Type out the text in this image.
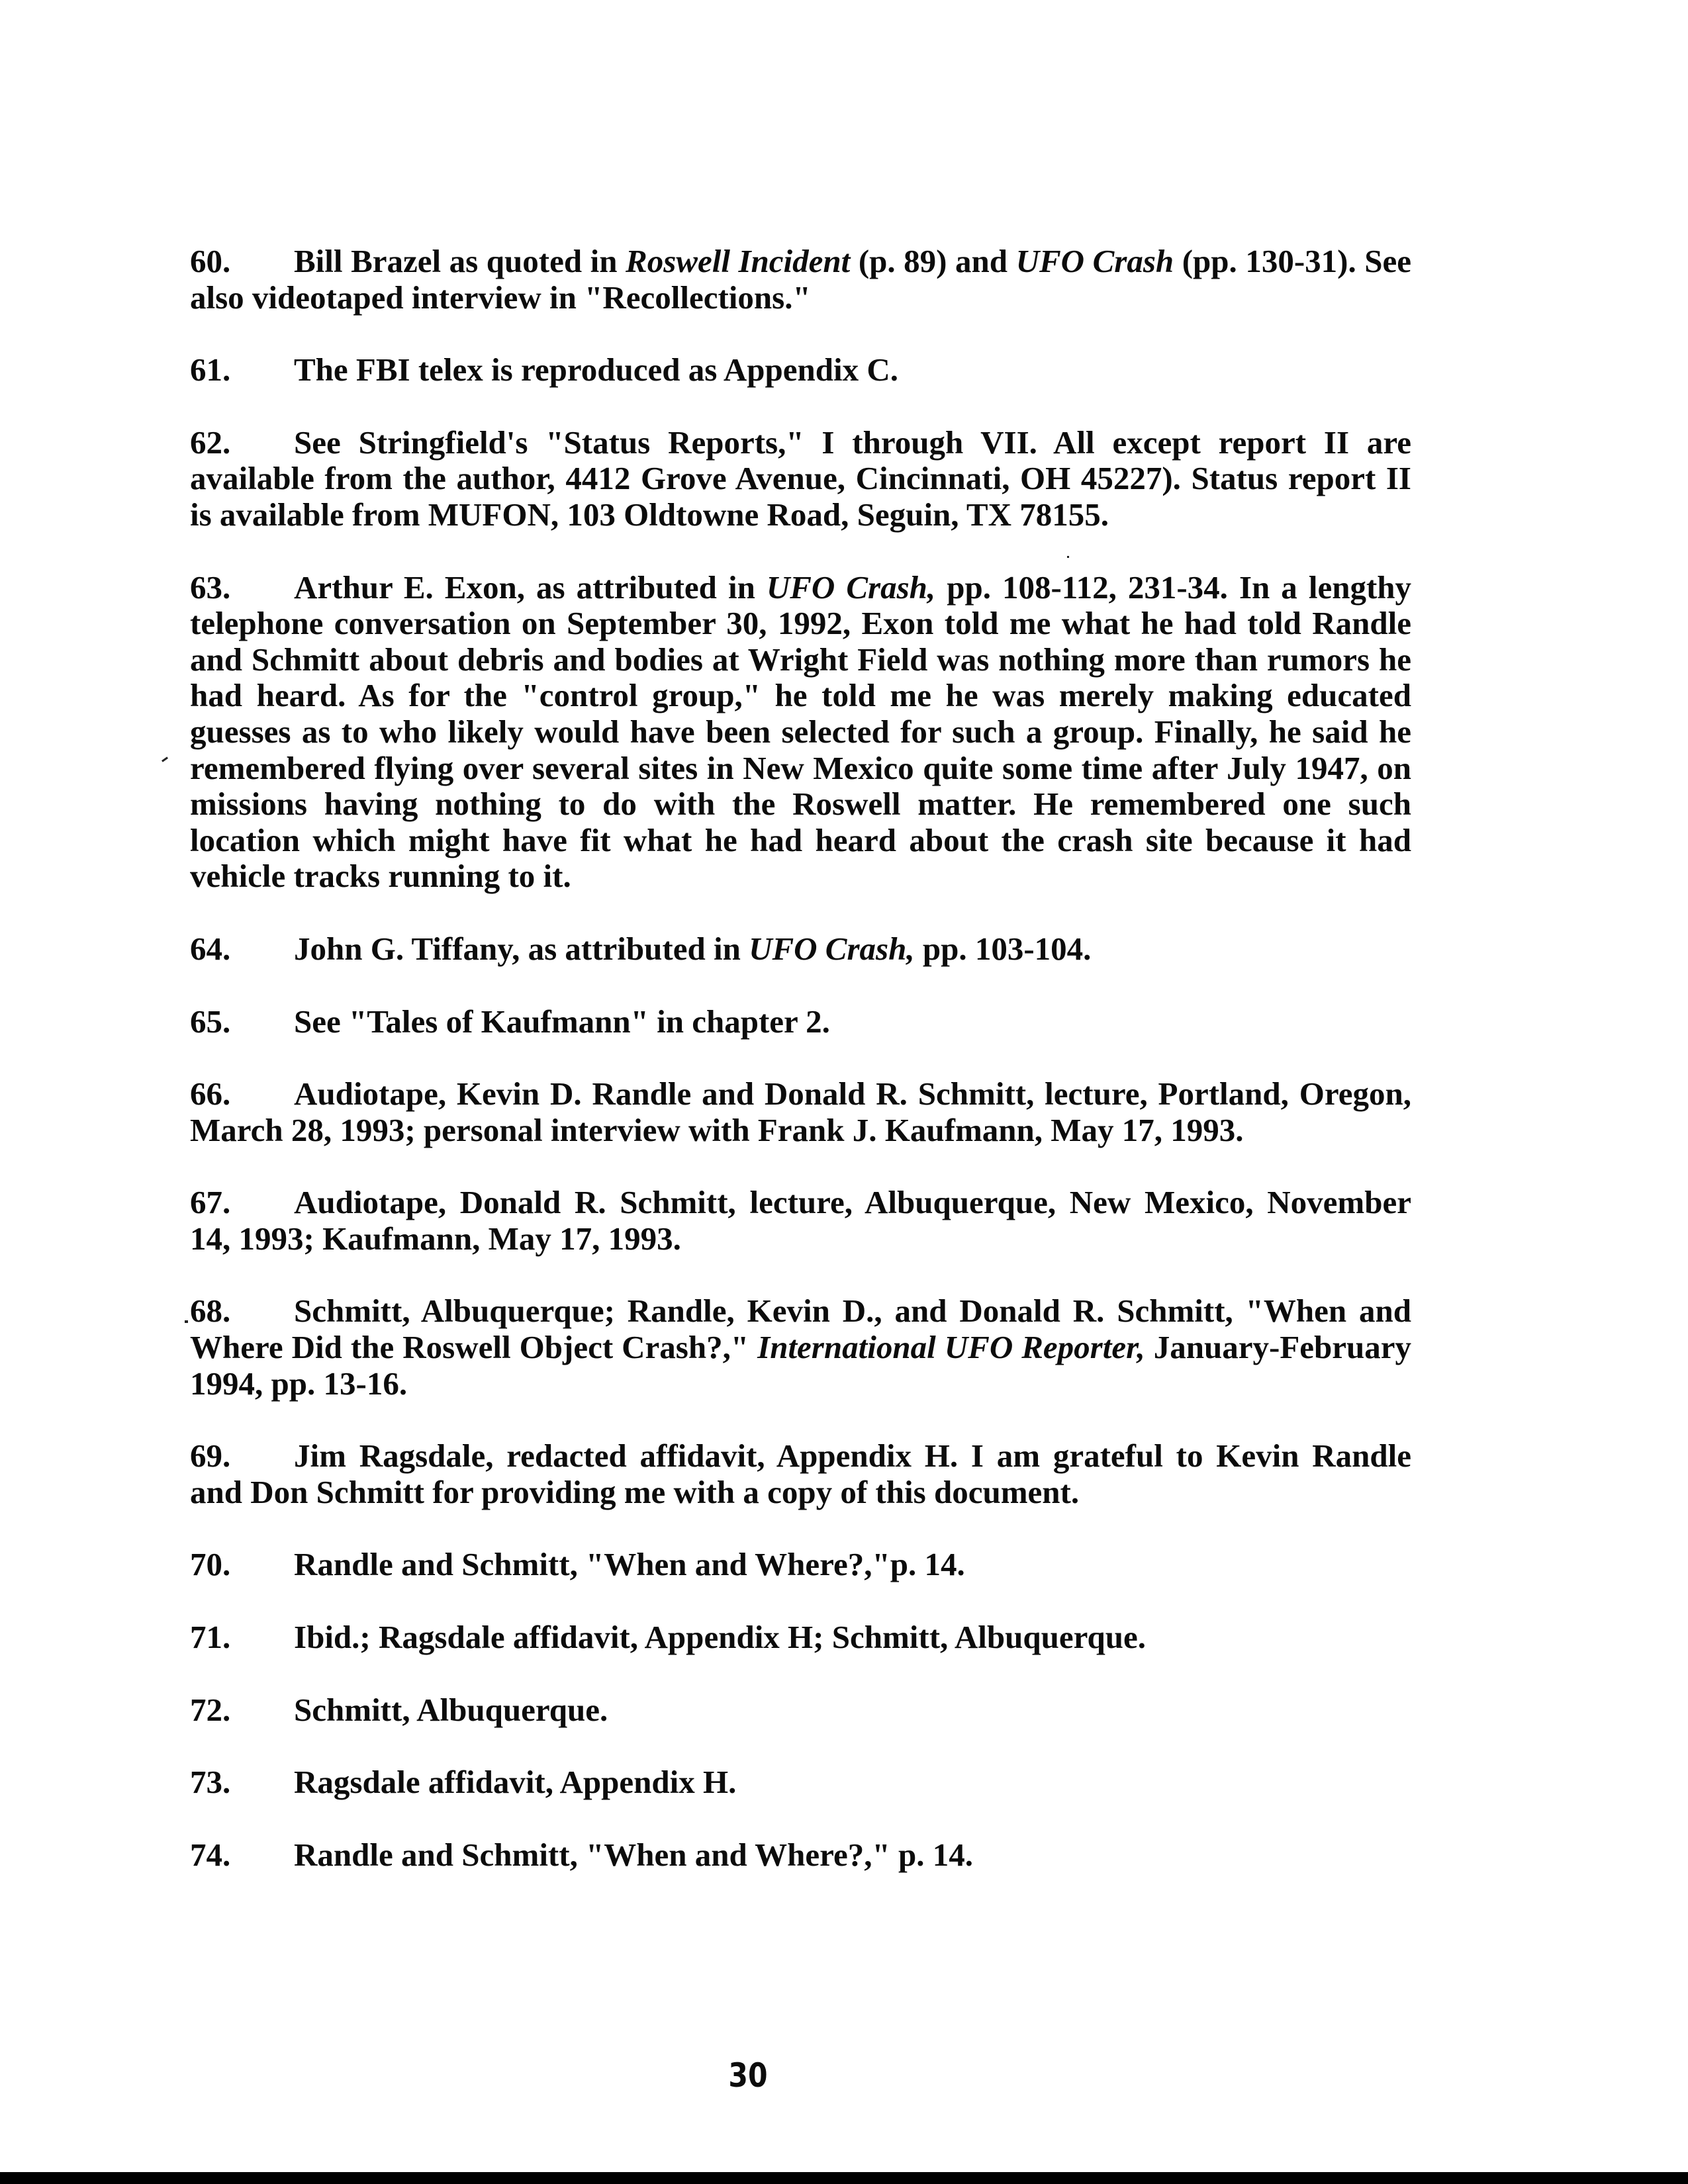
60. Bill Brazel as quoted in Roswell Incident (p. 89) and UFO Crash (pp. 130-31). See also videotaped interview in "Recollections."

61. The FBI telex is reproduced as Appendix C.

62. See Stringfield's "Status Reports," I through VII. All except report II are available from the author, 4412 Grove Avenue, Cincinnati, OH 45227). Status report II is available from MUFON, 103 Oldtowne Road, Seguin, TX 78155.

63. Arthur E. Exon, as attributed in UFO Crash, pp. 108-112, 231-34. In a lengthy telephone conversation on September 30, 1992, Exon told me what he had told Randle and Schmitt about debris and bodies at Wright Field was nothing more than rumors he had heard. As for the "control group," he told me he was merely making educated guesses as to who likely would have been selected for such a group. Finally, he said he remembered flying over several sites in New Mexico quite some time after July 1947, on missions having nothing to do with the Roswell matter. He remembered one such location which might have fit what he had heard about the crash site because it had vehicle tracks running to it.

64. John G. Tiffany, as attributed in UFO Crash, pp. 103-104.

65. See "Tales of Kaufmann" in chapter 2.

66. Audiotape, Kevin D. Randle and Donald R. Schmitt, lecture, Portland, Oregon, March 28, 1993; personal interview with Frank J. Kaufmann, May 17, 1993.

67. Audiotape, Donald R. Schmitt, lecture, Albuquerque, New Mexico, November 14, 1993; Kaufmann, May 17, 1993.

68. Schmitt, Albuquerque; Randle, Kevin D., and Donald R. Schmitt, "When and Where Did the Roswell Object Crash?," International UFO Reporter, January-February 1994, pp. 13-16.

69. Jim Ragsdale, redacted affidavit, Appendix H. I am grateful to Kevin Randle and Don Schmitt for providing me with a copy of this document.

70. Randle and Schmitt, "When and Where?,"p. 14.

71. Ibid.; Ragsdale affidavit, Appendix H; Schmitt, Albuquerque.

72. Schmitt, Albuquerque.

73. Ragsdale affidavit, Appendix H.

74. Randle and Schmitt, "When and Where?," p. 14.

30
